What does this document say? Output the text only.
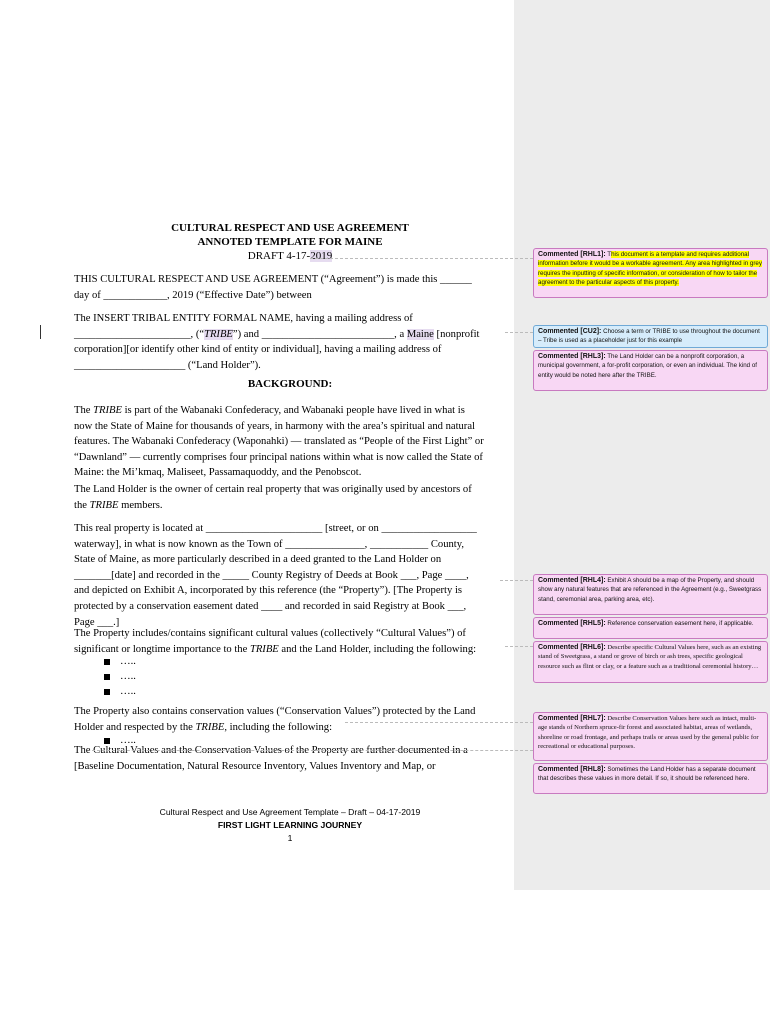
CULTURAL RESPECT AND USE AGREEMENT
ANNOTED TEMPLATE FOR MAINE
DRAFT 4-17-2019
THIS CULTURAL RESPECT AND USE AGREEMENT (“Agreement”) is made this ______
day of ____________, 2019 (“Effective Date”) between
The INSERT TRIBAL ENTITY FORMAL NAME, having a mailing address of
______________________, (“TRIBE”) and _________________________, a Maine [nonprofit
corporation][or identify other kind of entity or individual], having a mailing address of
_____________________ (“Land Holder”).
BACKGROUND:
The TRIBE is part of the Wabanaki Confederacy, and Wabanaki people have lived in what is
now the State of Maine for thousands of years, in harmony with the area’s spiritual and natural
features. The Wabanaki Confederacy (Waponahki) — translated as “People of the First Light” or
“Dawnland” — currently comprises four principal nations within what is now called the State of
Maine: the Mi’kmaq, Maliseet, Passamaquoddy, and the Penobscot.
The Land Holder is the owner of certain real property that was originally used by ancestors of
the TRIBE members.
This real property is located at ______________________ [street, or on __________________
waterway], in what is now known as the Town of _______________, ___________ County,
State of Maine, as more particularly described in a deed granted to the Land Holder on
_______[date] and recorded in the _____ County Registry of Deeds at Book ___, Page ____,
and depicted on Exhibit A, incorporated by this reference (the “Property”). [The Property is
protected by a conservation easement dated ____ and recorded in said Registry at Book ___,
Page ___.]
The Property includes/contains significant cultural values (collectively “Cultural Values”) of
significant or longtime importance to the TRIBE and the Land Holder, including the following:
…..
…..
…..
The Property also contains conservation values (“Conservation Values”) protected by the Land
Holder and respected by the TRIBE, including the following:
…..
The Cultural Values and the Conservation Values of the Property are further documented in a
[Baseline Documentation, Natural Resource Inventory, Values Inventory and Map, or
Cultural Respect and Use Agreement Template – Draft – 04-17-2019
FIRST LIGHT LEARNING JOURNEY
1
Commented [RHL1]: This document is a template and requires additional information before it would be a workable agreement. Any area highlighted in grey requires the inputting of specific information, or consideration of how to tailor the agreement to the particular aspects of this property.
Commented [CU2]: Choose a term or TRIBE to use throughout the document – Tribe is used as a placeholder just for this example
Commented [RHL3]: The Land Holder can be a nonprofit corporation, a municipal government, a for-profit corporation, or even an individual. The kind of entity would be noted here after the TRIBE.
Commented [RHL4]: Exhibit A should be a map of the Property, and should show any natural features that are referenced in the Agreement (e.g., Sweetgrass stand, ceremonial area, parking area, etc).
Commented [RHL5]: Reference conservation easement here, if applicable.
Commented [RHL6]: Describe specific Cultural Values here, such as an existing stand of Sweetgrass, a stand or grove of birch or ash trees, specific geological resource such as flint or clay, or a feature such as a traditional ceremonial history…
Commented [RHL7]: Describe Conservation Values here such as intact, multi-age stands of Northern spruce-fir forest and associated habitat, areas of wetlands, shoreline or road frontage, and perhaps trails or areas used by the general public for recreational or educational purposes.
Commented [RHL8]: Sometimes the Land Holder has a separate document that describes these values in more detail. If so, it should be referenced here.
